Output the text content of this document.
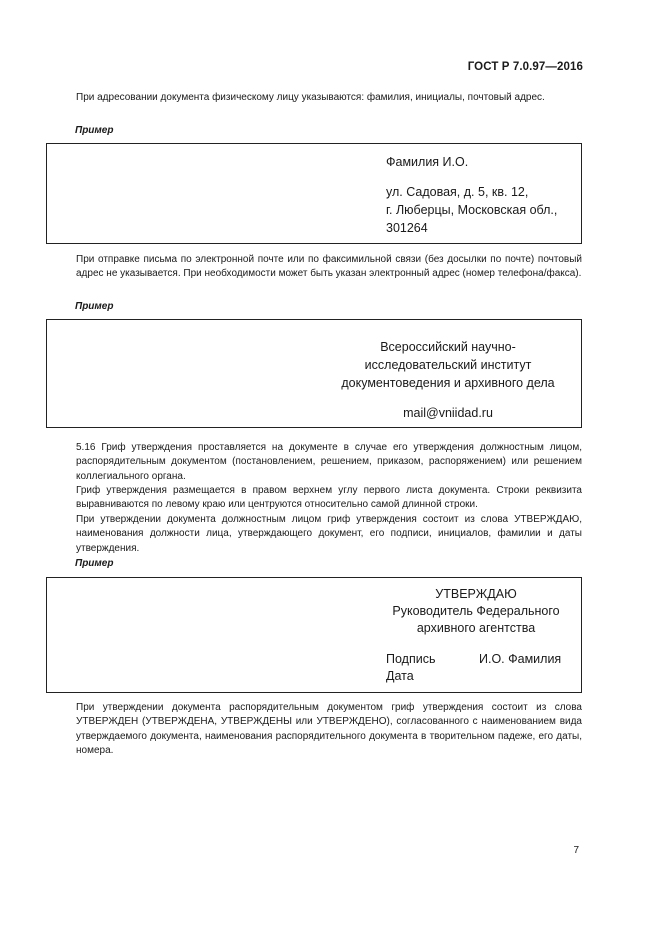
ГОСТ Р 7.0.97—2016
При адресовании документа физическому лицу указываются: фамилия, инициалы, почтовый адрес.
Пример
Фамилия И.О.
ул. Садовая, д. 5, кв. 12,
г. Люберцы, Московская обл.,
301264
При отправке письма по электронной почте или по факсимильной связи (без досылки по почте) почтовый адрес не указывается. При необходимости может быть указан электронный адрес (номер телефона/факса).
Пример
Всероссийский научно-
исследовательский институт
документоведения и архивного дела
mail@vniidad.ru
5.16 Гриф утверждения проставляется на документе в случае его утверждения должностным лицом, распорядительным документом (постановлением, решением, приказом, распоряжением) или решением коллегиального органа.
Гриф утверждения размещается в правом верхнем углу первого листа документа. Строки реквизита выравниваются по левому краю или центруются относительно самой длинной строки.
При утверждении документа должностным лицом гриф утверждения состоит из слова УТВЕРЖДАЮ, наименования должности лица, утверждающего документ, его подписи, инициалов, фамилии и даты утверждения.
Пример
УТВЕРЖДАЮ
Руководитель Федерального
архивного агентства
Подпись	И.О. Фамилия
Дата
При утверждении документа распорядительным документом гриф утверждения состоит из слова УТВЕРЖДЕН (УТВЕРЖДЕНА, УТВЕРЖДЕНЫ или УТВЕРЖДЕНО), согласованного с наименованием вида утверждаемого документа, наименования распорядительного документа в творительном падеже, его даты, номера.
7
